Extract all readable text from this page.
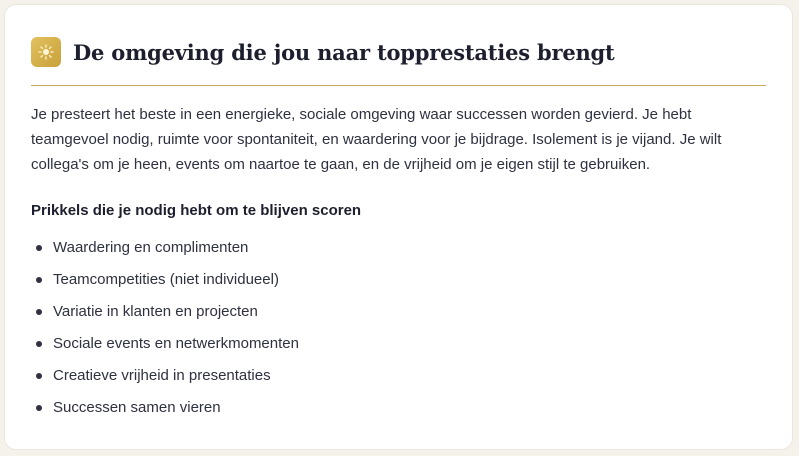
De omgeving die jou naar topprestaties brengt

Je presteert het beste in een energieke, sociale omgeving waar successen worden gevierd. Je hebt teamgevoel nodig, ruimte voor spontaniteit, en waardering voor je bijdrage. Isolement is je vijand. Je wilt collega's om je heen, events om naartoe te gaan, en de vrijheid om je eigen stijl te gebruiken.

Prikkels die je nodig hebt om te blijven scoren
Waardering en complimenten
Teamcompetities (niet individueel)
Variatie in klanten en projecten
Sociale events en netwerkmomenten
Creatieve vrijheid in presentaties
Successen samen vieren
